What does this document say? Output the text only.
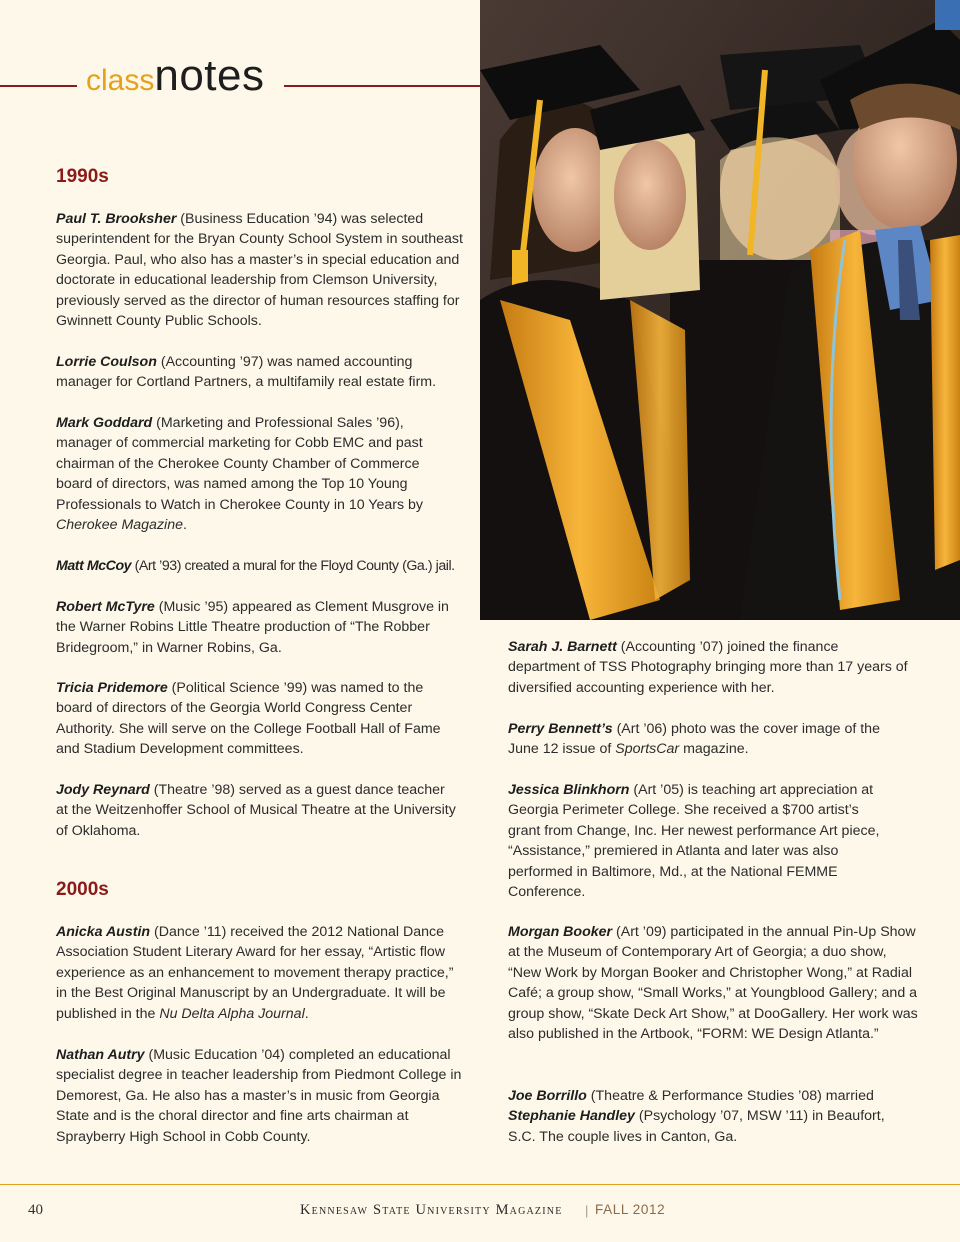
classnotes
1990s

Paul T. Brooksher (Business Education ’94) was selected superintendent for the Bryan County School System in southeast Georgia. Paul, who also has a master’s in special education and doctorate in educational leadership from Clemson University, previously served as the director of human resources staffing for Gwinnett County Public Schools.

Lorrie Coulson (Accounting ’97) was named accounting manager for Cortland Partners, a multifamily real estate firm.

Mark Goddard (Marketing and Professional Sales ’96), manager of commercial marketing for Cobb EMC and past chairman of the Cherokee County Chamber of Commerce board of directors, was named among the Top 10 Young Professionals to Watch in Cherokee County in 10 Years by Cherokee Magazine.

Matt McCoy (Art ’93) created a mural for the Floyd County (Ga.) jail.

Robert McTyre (Music ’95) appeared as Clement Musgrove in the Warner Robins Little Theatre production of “The Robber Bridegroom,” in Warner Robins, Ga.

Tricia Pridemore (Political Science ’99) was named to the board of directors of the Georgia World Congress Center Authority. She will serve on the College Football Hall of Fame and Stadium Development committees.

Jody Reynard (Theatre ’98) served as a guest dance teacher at the Weitzenhoffer School of Musical Theatre at the University of Oklahoma.

2000s

Anicka Austin (Dance ’11) received the 2012 National Dance Association Student Literary Award for her essay, “Artistic flow experience as an enhancement to movement therapy practice,” in the Best Original Manuscript by an Undergraduate. It will be published in the Nu Delta Alpha Journal.

Nathan Autry (Music Education ’04) completed an educational specialist degree in teacher leadership from Piedmont College in Demorest, Ga. He also has a master’s in music from Georgia State and is the choral director and fine arts chairman at Sprayberry High School in Cobb County.

Sarah J. Barnett (Accounting ’07) joined the finance department of TSS Photography bringing more than 17 years of diversified accounting experience with her.

Perry Bennett’s (Art ’06) photo was the cover image of the June 12 issue of SportsCar magazine.

Jessica Blinkhorn (Art ’05) is teaching art appreciation at Georgia Perimeter College. She received a $700 artist’s grant from Change, Inc. Her newest performance Art piece, “Assistance,” premiered in Atlanta and later was also performed in Baltimore, Md., at the National FEMME Conference.

Morgan Booker (Art ’09) participated in the annual Pin-Up Show at the Museum of Contemporary Art of Georgia; a duo show, “New Work by Morgan Booker and Christopher Wong,” at Radial Café; a group show, “Small Works,” at Youngblood Gallery; and a group show, “Skate Deck Art Show,” at DooGallery. Her work was also published in the Artbook, “FORM: WE Design Atlanta.”

Joe Borrillo (Theatre & Performance Studies ’08) married Stephanie Handley (Psychology ’07, MSW ’11) in Beaufort, S.C. The couple lives in Canton, Ga.

40	Kennesaw State University Magazine | FALL 2012
